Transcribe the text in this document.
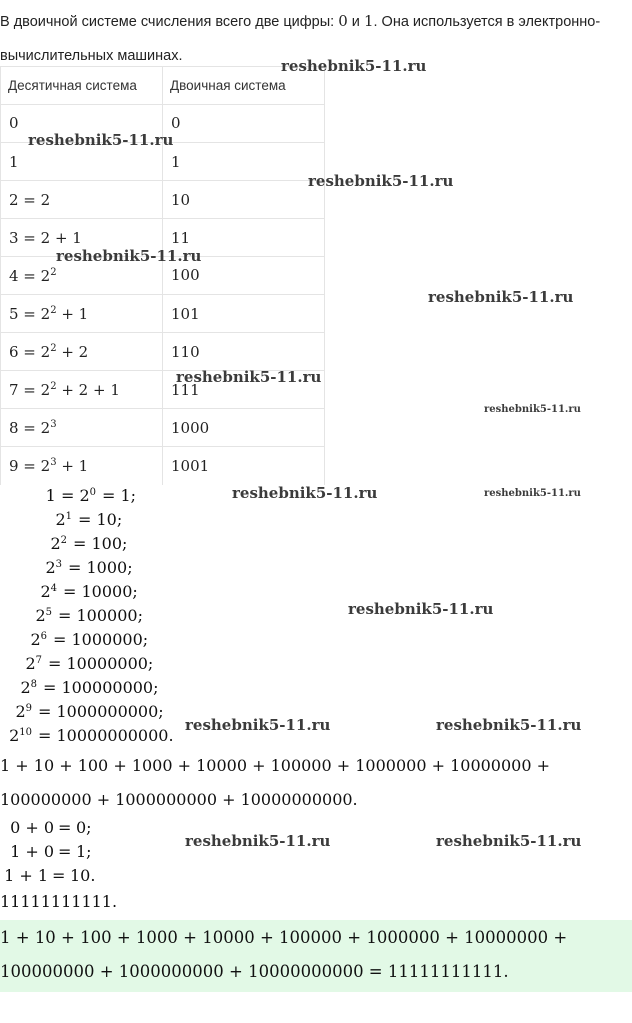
В двоичной системе счисления всего две цифры: 0 и 1. Она используется в электронно-вычислительных машинах.
Десятичная система	Двоичная система
0	0
1	1
2 = 2	10
3 = 2 + 1	11
$4 = 2^2$	100
$5 = 2^2 + 1$	101
$6 = 2^2 + 2$	110
$7 = 2^2 + 2 + 1$	111
$8 = 2^3$	1000
$9 = 2^3 + 1$	1001
$1 = 2^0 = 1$;
$2^1 = 10$;
$2^2 = 100$;
$2^3 = 1000$;
$2^4 = 10000$;
$2^5 = 100000$;
$2^6 = 1000000$;
$2^7 = 10000000$;
$2^8 = 100000000$;
$2^9 = 1000000000$;
$2^{10} = 10000000000$.
1 + 10 + 100 + 1000 + 10000 + 100000 + 1000000 + 10000000 +
100000000 + 1000000000 + 10000000000.
0 + 0 = 0;
1 + 0 = 1;
1 + 1 = 10.
11111111111.
1 + 10 + 100 + 1000 + 10000 + 100000 + 1000000 + 10000000 +
100000000 + 1000000000 + 10000000000 = 11111111111.
reshebnik5-11.ru
reshebnik5-11.ru
reshebnik5-11.ru
reshebnik5-11.ru
reshebnik5-11.ru
reshebnik5-11.ru
reshebnik5-11.ru
reshebnik5-11.ru	reshebnik5-11.ru
reshebnik5-11.ru
reshebnik5-11.ru	reshebnik5-11.ru
reshebnik5-11.ru	reshebnik5-11.ru
